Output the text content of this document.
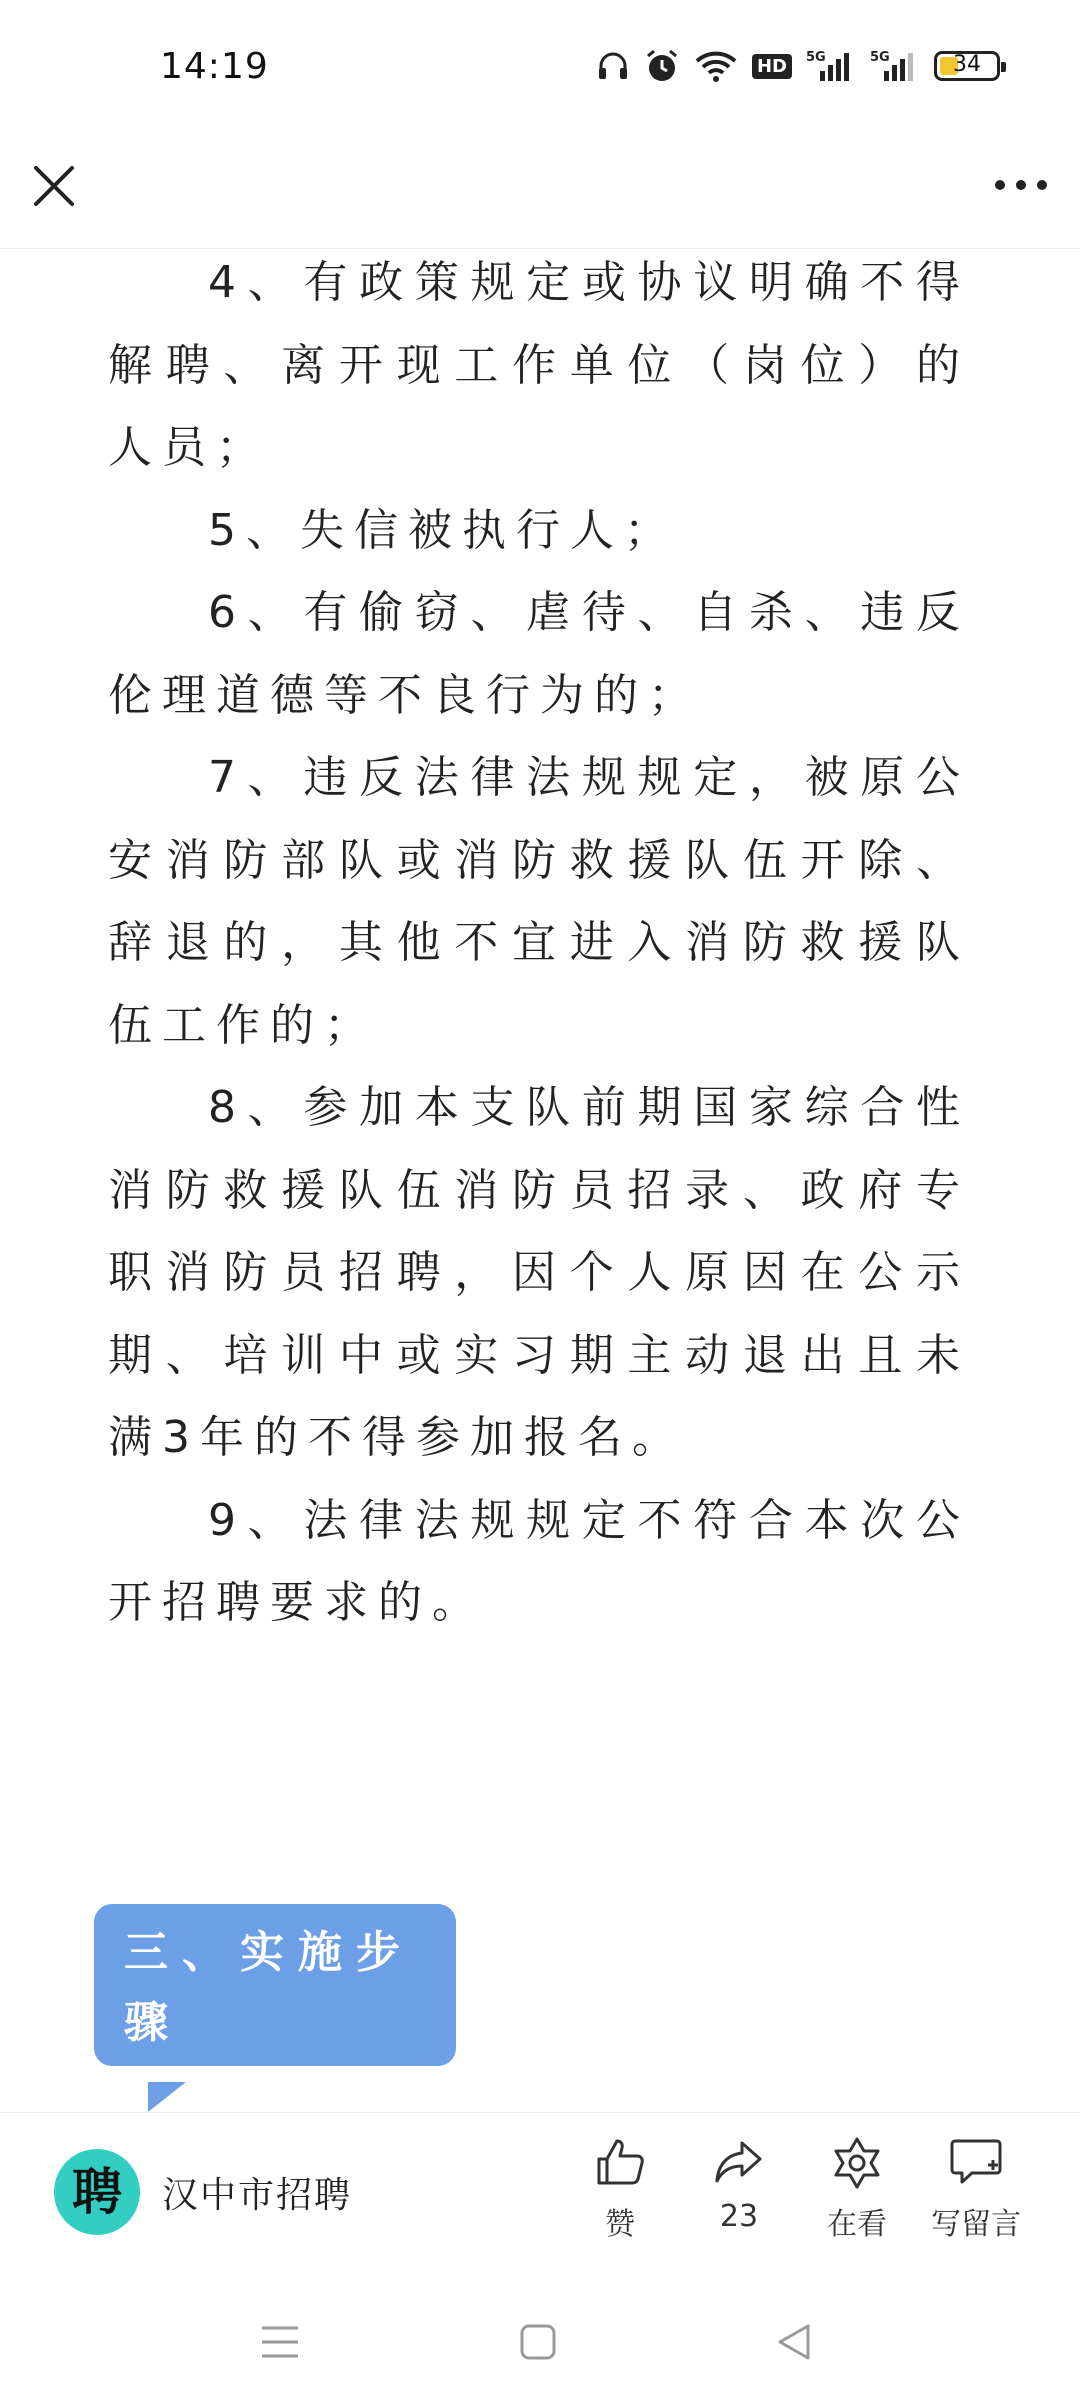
14:19	HD	5G	5G	34

4、有政策规定或协议明确不得解聘、离开现工作单位（岗位）的人员；

5、失信被执行人；

6、有偷窃、虐待、自杀、违反伦理道德等不良行为的；

7、违反法律法规规定，被原公安消防部队或消防救援队伍开除、辞退的，其他不宜进入消防救援队伍工作的；

8、参加本支队前期国家综合性消防救援队伍消防员招录、政府专职消防员招聘，因个人原因在公示期、培训中或实习期主动退出且未满3年的不得参加报名。

9、法律法规规定不符合本次公开招聘要求的。

三、实施步骤
聘	汉中市招聘
赞	23	在看	写留言
